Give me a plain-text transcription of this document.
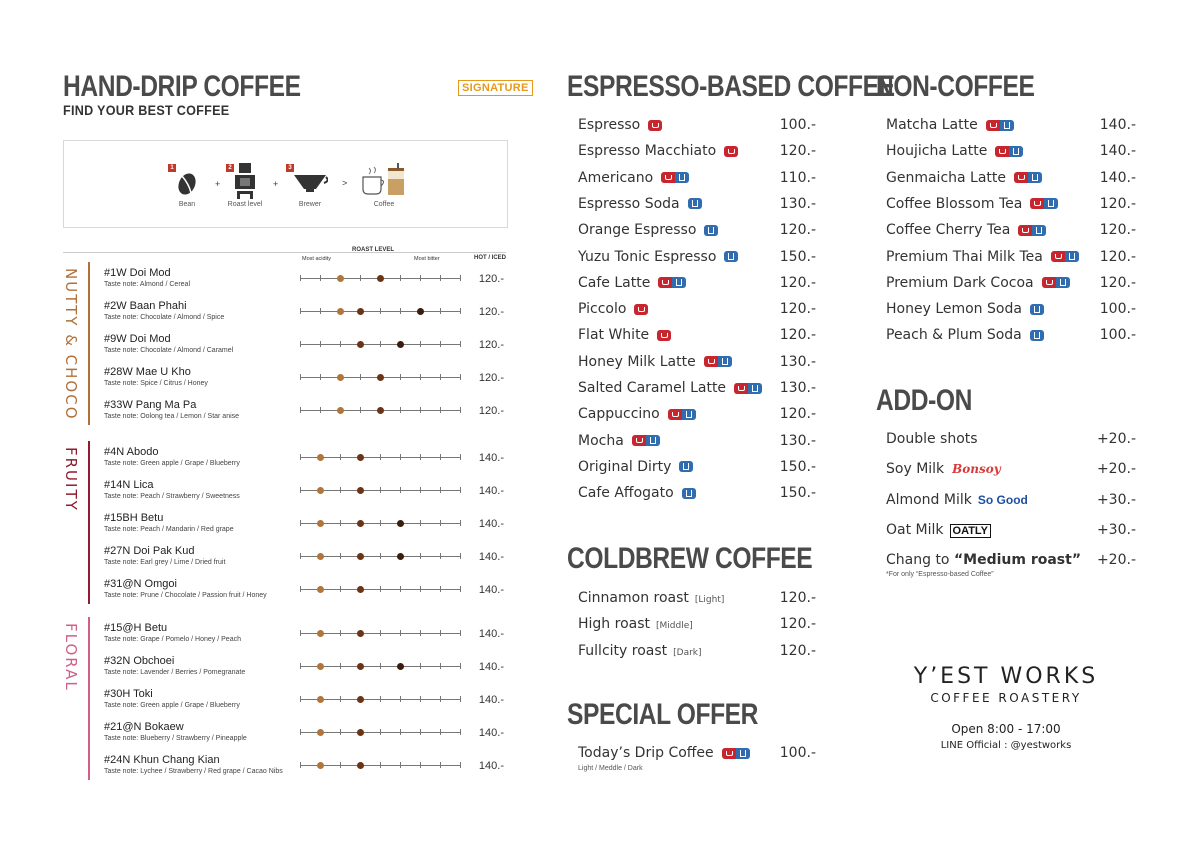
HAND-DRIP COFFEE
FIND YOUR BEST COFFEE
SIGNATURE
1
Bean
+
2
Roast level
+
3
Brewer
>
Coffee
ROAST LEVEL
Most acidity	Most bitter	HOT / ICED
NUTTY & CHOCO #1W Doi Mod
Taste note: Almond / Cereal	120.-
#2W Baan Phahi
Taste note: Chocolate / Almond / Spice	120.-
#9W Doi Mod
Taste note: Chocolate / Almond / Caramel	120.-
#28W Mae U Kho
Taste note: Spice / Citrus / Honey	120.-
#33W Pang Ma Pa
Taste note: Oolong tea / Lemon / Star anise	120.-
FRUITY #4N Abodo
Taste note: Green apple / Grape / Blueberry	140.-
#14N Lica
Taste note: Peach / Strawberry / Sweetness	140.-
#15BH Betu
Taste note: Peach / Mandarin / Red grape	140.-
#27N Doi Pak Kud
Taste note: Earl grey / Lime / Dried fruit	140.-
#31@N Omgoi
Taste note: Prune / Chocolate / Passion fruit / Honey	140.-
FLORAL #15@H Betu
Taste note: Grape / Pomelo / Honey / Peach	140.-
#32N Obchoei
Taste note: Lavender / Berries / Pomegranate	140.-
#30H Toki
Taste note: Green apple / Grape / Blueberry	140.-
#21@N Bokaew
Taste note: Blueberry / Strawberry / Pineapple	140.-
#24N Khun Chang Kian
Taste note: Lychee / Strawberry / Red grape / Cacao Nibs	140.-
ESPRESSO-BASED COFFEE
Espresso	100.-
Espresso Macchiato	120.-
Americano	110.-
Espresso Soda	130.-
Orange Espresso	120.-
Yuzu Tonic Espresso	150.-
Cafe Latte	120.-
Piccolo	120.-
Flat White	120.-
Honey Milk Latte	130.-
Salted Caramel Latte	130.-
Cappuccino	120.-
Mocha	130.-
Original Dirty	150.-
Cafe Affogato	150.-
COLDBREW COFFEE
Cinnamon roast [Light]	120.-
High roast [Middle]	120.-
Fullcity roast [Dark]	120.-
SPECIAL OFFER
Today’s Drip Coffee	100.-
Light / Meddle / Dark
NON-COFFEE
Matcha Latte	140.-
Houjicha Latte	140.-
Genmaicha Latte	140.-
Coffee Blossom Tea	120.-
Coffee Cherry Tea	120.-
Premium Thai Milk Tea	120.-
Premium Dark Cocoa	120.-
Honey Lemon Soda	100.-
Peach & Plum Soda	100.-
ADD-ON
Double shots	+20.-
Soy Milk Bonsoy	+20.-
Almond Milk So Good	+30.-
Oat Milk OATLY	+30.-
Chang to “Medium roast”	+20.-
*For only “Espresso-based Coffee”
Y’EST WORKS
COFFEE ROASTERY
Open 8:00 - 17:00
LINE Official : @yestworks
